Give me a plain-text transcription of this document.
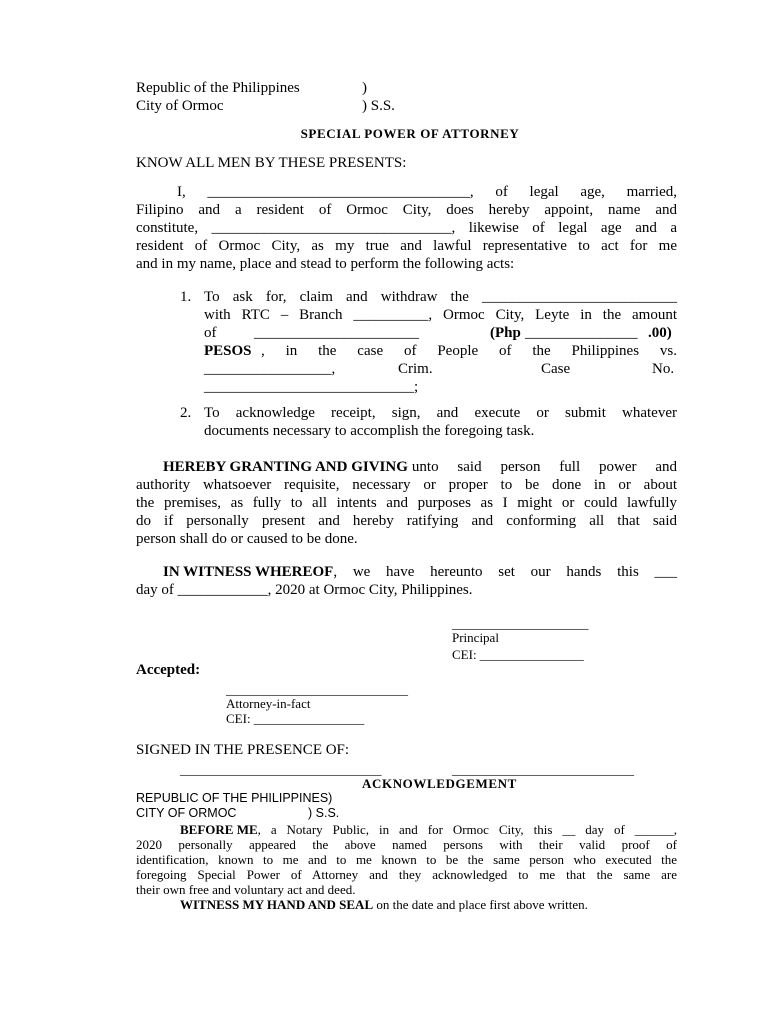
Republic of the Philippines	)
City of Ormoc	) S.S.
SPECIAL POWER OF ATTORNEY
KNOW ALL MEN BY THESE PRESENTS:
I, ___________________________________, of legal age, married,
Filipino and a resident of Ormoc City, does hereby appoint, name and
constitute, ________________________________, likewise of legal age and a
resident of Ormoc City, as my true and lawful representative to act for me
and in my name, place and stead to perform the following acts:
1. To ask for, claim and withdraw the __________________________
with RTC – Branch __________, Ormoc City, Leyte in the amount
of	______________________	(Php _______________ .00)
PESOS , in the case of People of the Philippines vs.
_________________,	Crim.	Case	No.
____________________________;
2. To acknowledge receipt, sign, and execute or submit whatever
documents necessary to accomplish the foregoing task.
HEREBY GRANTING AND GIVING unto said person full power and
authority whatsoever requisite, necessary or proper to be done in or about
the premises, as fully to all intents and purposes as I might or could lawfully
do if personally present and hereby ratifying and conforming all that said
person shall do or caused to be done.
IN WITNESS WHEREOF , we have hereunto set our hands this ___
day of ____________, 2020 at Ormoc City, Philippines.
_____________________
Principal
CEI: ________________
Accepted:
____________________________
Attorney-in-fact
CEI: _________________
SIGNED IN THE PRESENCE OF:
_______________________________	____________________________
ACKNOWLEDGEMENT
REPUBLIC OF THE PHILIPPINES)
CITY OF ORMOC	) S.S.
BEFORE ME , a Notary Public, in and for Ormoc City, this __ day of ______,
2020 personally appeared the above named persons with their valid proof of
identification, known to me and to me known to be the same person who executed the
foregoing Special Power of Attorney and they acknowledged to me that the same are
their own free and voluntary act and deed.
WITNESS MY HAND AND SEAL on the date and place first above written.
